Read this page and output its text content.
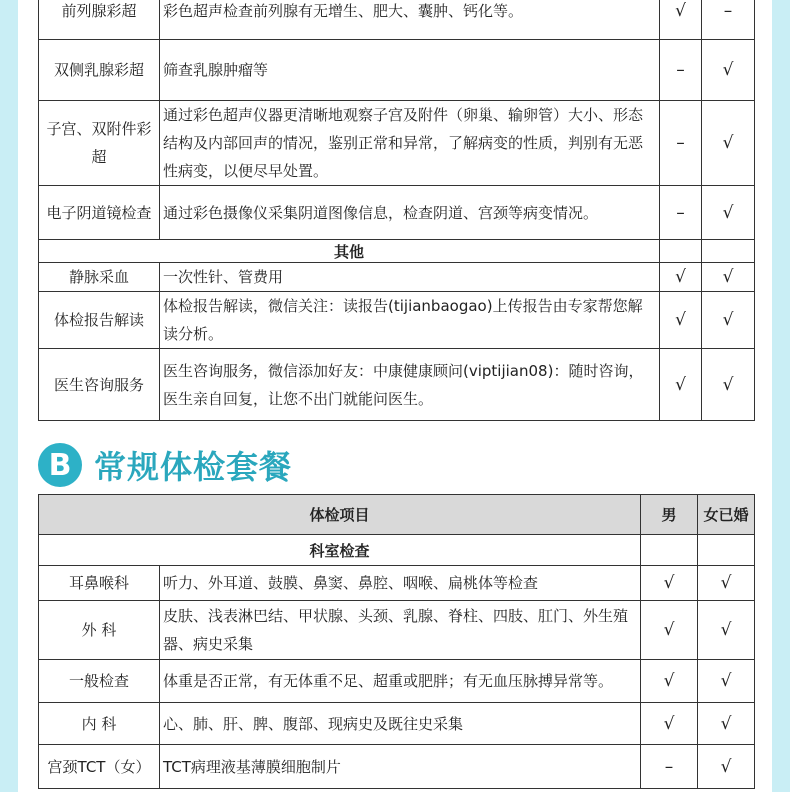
前列腺彩超	彩色超声检查前列腺有无增生、肥大、囊肿、钙化等。	√	–
双侧乳腺彩超	筛查乳腺肿瘤等	–	√
子宫、双附件彩超	通过彩色超声仪器更清晰地观察子宫及附件（卵巢、输卵管）大小、形态结构及内部回声的情况，鉴别正常和异常，了解病变的性质，判别有无恶性病变，以便尽早处置。	–	√
电子阴道镜检查	通过彩色摄像仪采集阴道图像信息，检查阴道、宫颈等病变情况。	–	√
其他			
静脉采血	一次性针、管费用	√	√
体检报告解读	体检报告解读，微信关注：读报告(tijianbaogao)上传报告由专家帮您解读分析。	√	√
医生咨询服务	医生咨询服务，微信添加好友：中康健康顾问(viptijian08)：随时咨询，医生亲自回复，让您不出门就能问医生。	√	√
B 常规体检套餐
体检项目		男	女已婚
科室检查			
耳鼻喉科	听力、外耳道、鼓膜、鼻窦、鼻腔、咽喉、扁桃体等检查	√	√
外 科	皮肤、浅表淋巴结、甲状腺、头颈、乳腺、脊柱、四肢、肛门、外生殖器、病史采集	√	√
一般检查	体重是否正常，有无体重不足、超重或肥胖；有无血压脉搏异常等。	√	√
内 科	心、肺、肝、脾、腹部、现病史及既往史采集	√	√
宫颈TCT（女）	TCT病理液基薄膜细胞制片	–	√
